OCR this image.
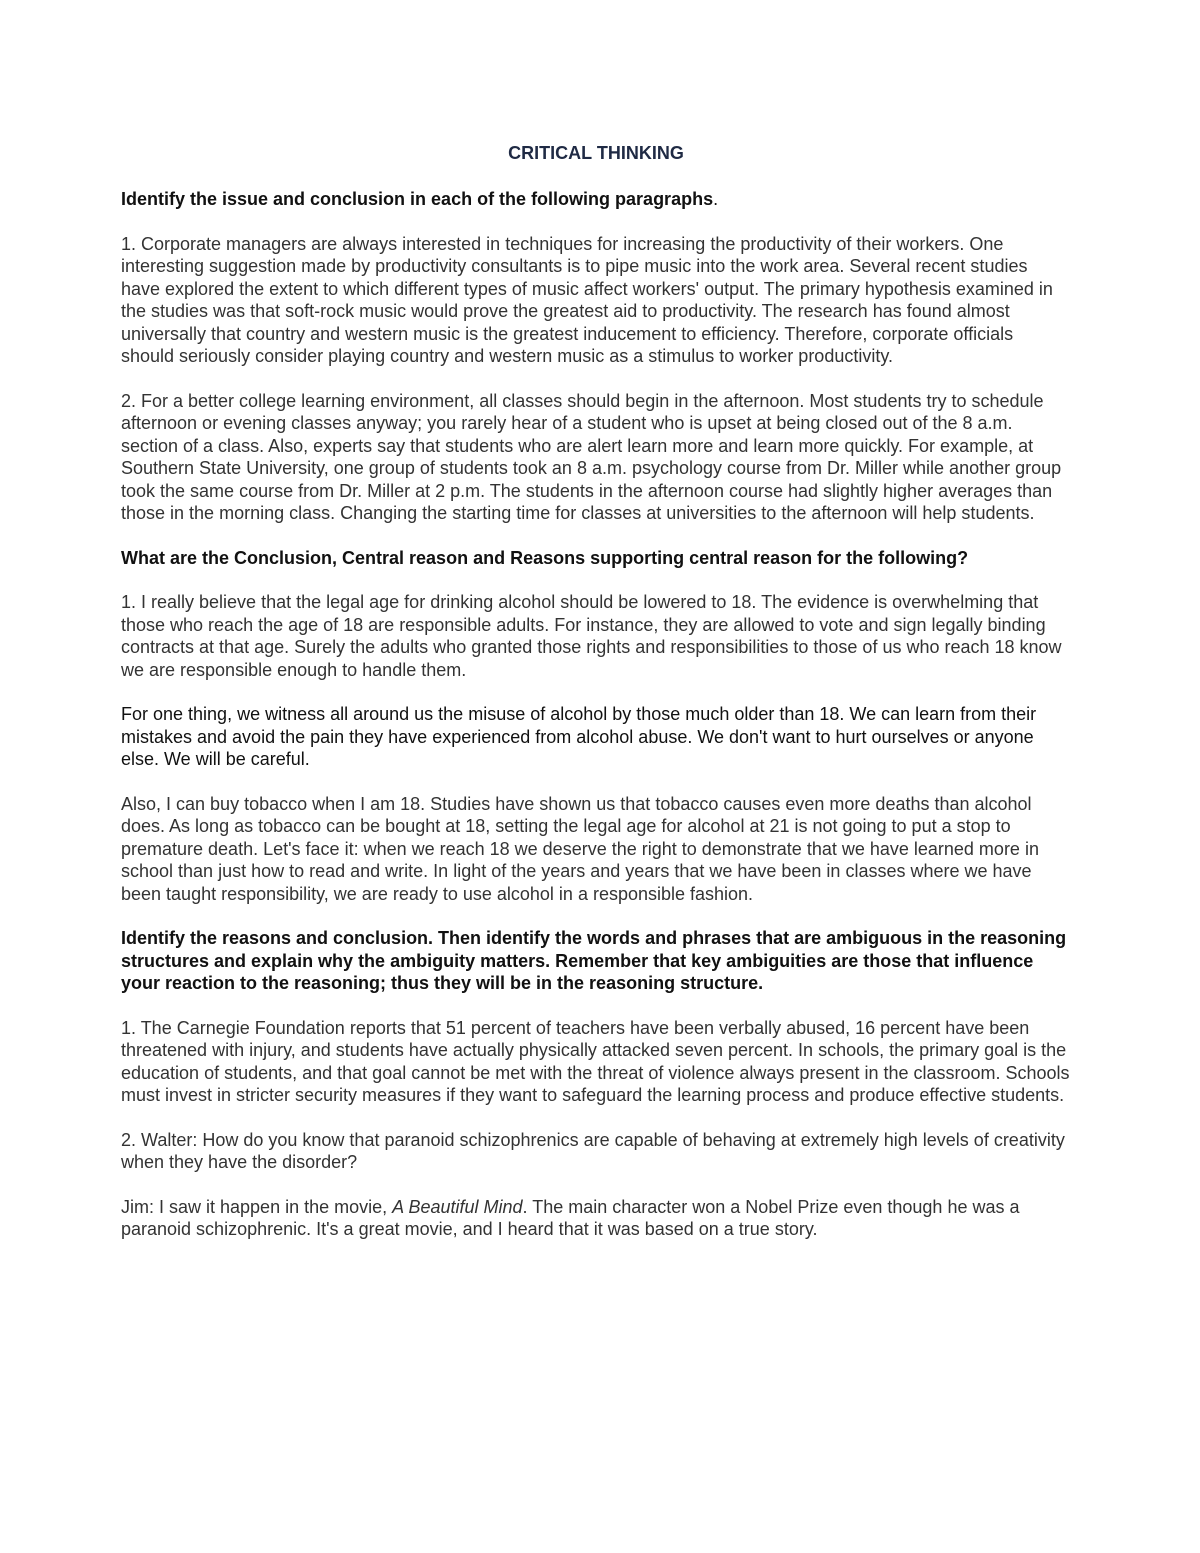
CRITICAL THINKING
Identify the issue and conclusion in each of the following paragraphs.

1. Corporate managers are always interested in techniques for increasing the productivity of their workers. One interesting suggestion made by productivity consultants is to pipe music into the work area. Several recent studies have explored the extent to which different types of music affect workers' output. The primary hypothesis examined in the studies was that soft-rock music would prove the greatest aid to productivity. The research has found almost universally that country and western music is the greatest inducement to efficiency. Therefore, corporate officials should seriously consider playing country and western music as a stimulus to worker productivity.

2. For a better college learning environment, all classes should begin in the afternoon. Most students try to schedule afternoon or evening classes anyway; you rarely hear of a student who is upset at being closed out of the 8 a.m. section of a class. Also, experts say that students who are alert learn more and learn more quickly. For example, at Southern State University, one group of students took an 8 a.m. psychology course from Dr. Miller while another group took the same course from Dr. Miller at 2 p.m. The students in the afternoon course had slightly higher averages than those in the morning class. Changing the starting time for classes at universities to the afternoon will help students.

What are the Conclusion, Central reason and Reasons supporting central reason for the following?

1. I really believe that the legal age for drinking alcohol should be lowered to 18. The evidence is overwhelming that those who reach the age of 18 are responsible adults. For instance, they are allowed to vote and sign legally binding contracts at that age. Surely the adults who granted those rights and responsibilities to those of us who reach 18 know we are responsible enough to handle them.

For one thing, we witness all around us the misuse of alcohol by those much older than 18. We can learn from their mistakes and avoid the pain they have experienced from alcohol abuse. We don't want to hurt ourselves or anyone else. We will be careful.

Also, I can buy tobacco when I am 18. Studies have shown us that tobacco causes even more deaths than alcohol does. As long as tobacco can be bought at 18, setting the legal age for alcohol at 21 is not going to put a stop to premature death. Let's face it: when we reach 18 we deserve the right to demonstrate that we have learned more in school than just how to read and write. In light of the years and years that we have been in classes where we have been taught responsibility, we are ready to use alcohol in a responsible fashion.

Identify the reasons and conclusion. Then identify the words and phrases that are ambiguous in the reasoning structures and explain why the ambiguity matters. Remember that key ambiguities are those that influence your reaction to the reasoning; thus they will be in the reasoning structure.

1. The Carnegie Foundation reports that 51 percent of teachers have been verbally abused, 16 percent have been threatened with injury, and students have actually physically attacked seven percent. In schools, the primary goal is the education of students, and that goal cannot be met with the threat of violence always present in the classroom. Schools must invest in stricter security measures if they want to safeguard the learning process and produce effective students.

2. Walter: How do you know that paranoid schizophrenics are capable of behaving at extremely high levels of creativity when they have the disorder?

Jim: I saw it happen in the movie, A Beautiful Mind. The main character won a Nobel Prize even though he was a paranoid schizophrenic. It's a great movie, and I heard that it was based on a true story.
